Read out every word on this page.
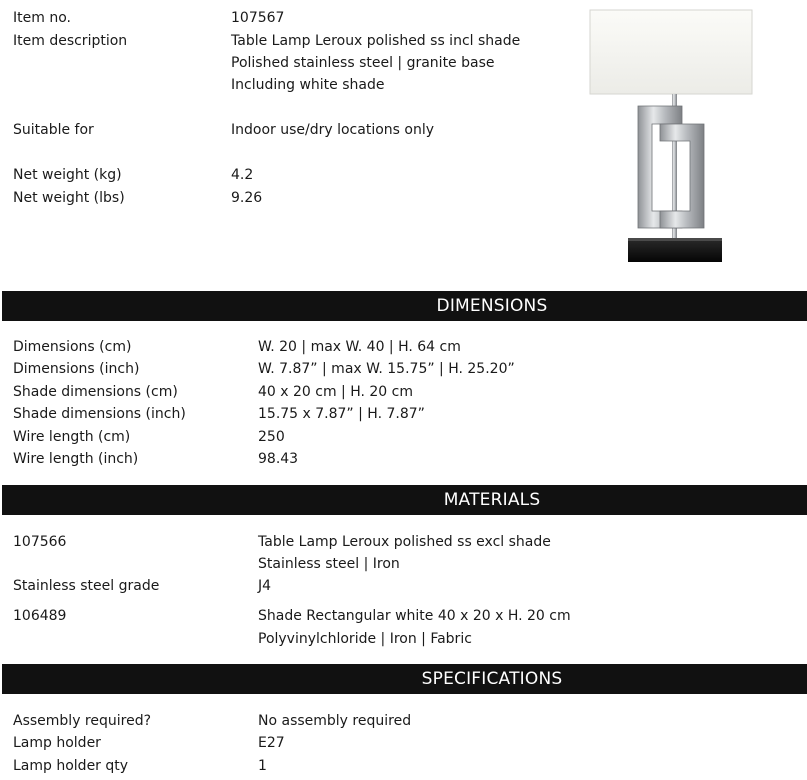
Item no.	107567
Item description	Table Lamp Leroux polished ss incl shade
Polished stainless steel | granite base
Including white shade
Suitable for	Indoor use/dry locations only
Net weight (kg)	4.2
Net weight (lbs)	9.26
DIMENSIONS
Dimensions (cm)	W. 20 | max W. 40 | H. 64 cm
Dimensions (inch)	W. 7.87” | max W. 15.75” | H. 25.20”
Shade dimensions (cm)	40 x 20 cm | H. 20 cm
Shade dimensions (inch)	15.75 x 7.87” | H. 7.87”
Wire length (cm)	250
Wire length (inch)	98.43
MATERIALS
107566	Table Lamp Leroux polished ss excl shade
Stainless steel | Iron
Stainless steel grade	J4
106489	Shade Rectangular white 40 x 20 x H. 20 cm
Polyvinylchloride | Iron | Fabric
SPECIFICATIONS
Assembly required?	No assembly required
Lamp holder	E27
Lamp holder qty	1
